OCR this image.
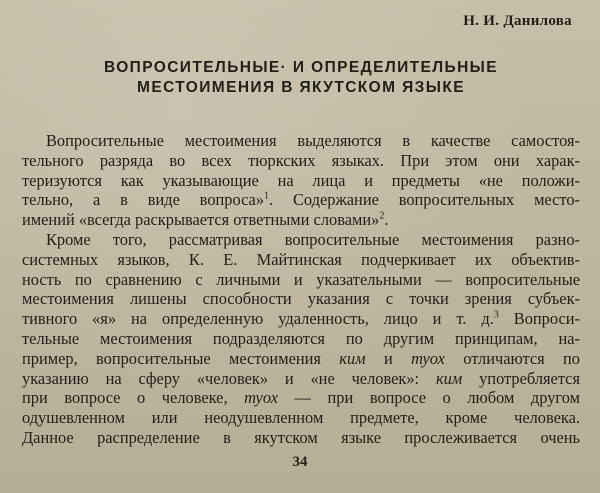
Н. И. Данилова
ВОПРОСИТЕЛЬНЫЕ· И ОПРЕДЕЛИТЕЛЬНЫЕ
МЕСТОИМЕНИЯ В ЯКУТСКОМ ЯЗЫКЕ
Вопросительные местоимения выделяются в качестве самостоя-
тельного разряда во всех тюркских языках. При этом они харак-
теризуются как указывающие на лица и предметы «не положи-
тельно, а в виде вопроса»$^1$. Содержание вопросительных место-
имений «всегда раскрывается ответными словами»$^2$.
Кроме того, рассматривая вопросительные местоимения разно-
системных языков, К. Е. Майтинская подчеркивает их объектив-
ность по сравнению с личными и указательными — вопросительные
местоимения лишены способности указания с точки зрения субъек-
тивного «я» на определенную удаленность, лицо и т. д.$^3$ Вопроси-
тельные местоимения подразделяются по другим принципам, на-
пример, вопросительные местоимения ким и туох отличаются по
указанию на сферу «человек» и «не человек»: ким употребляется
при вопросе о человеке, туох — при вопросе о любом другом
одушевленном или неодушевленном предмете, кроме человека.
Данное распределение в якутском языке прослеживается очень
34
